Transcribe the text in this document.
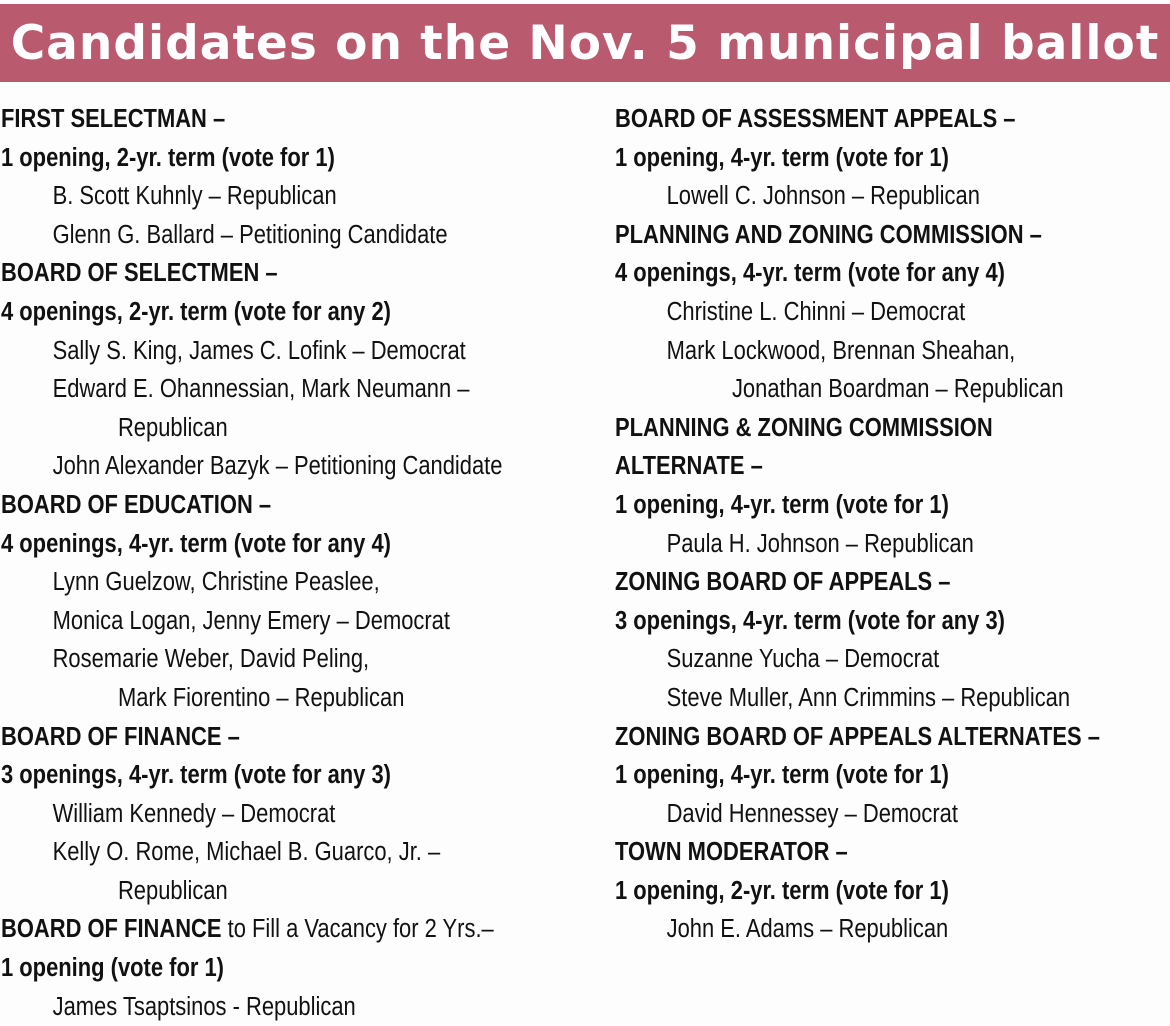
Candidates on the Nov. 5 municipal ballot
FIRST SELECTMAN –
1 opening, 2-yr. term (vote for 1)
B. Scott Kuhnly – Republican
Glenn G. Ballard – Petitioning Candidate
BOARD OF SELECTMEN –
4 openings, 2-yr. term (vote for any 2)
Sally S. King, James C. Lofink – Democrat
Edward E. Ohannessian, Mark Neumann –
Republican
John Alexander Bazyk – Petitioning Candidate
BOARD OF EDUCATION –
4 openings, 4-yr. term (vote for any 4)
Lynn Guelzow, Christine Peaslee,
Monica Logan, Jenny Emery – Democrat
Rosemarie Weber, David Peling,
Mark Fiorentino – Republican
BOARD OF FINANCE –
3 openings, 4-yr. term (vote for any 3)
William Kennedy – Democrat
Kelly O. Rome, Michael B. Guarco, Jr. –
Republican
BOARD OF FINANCE to Fill a Vacancy for 2 Yrs.–
1 opening (vote for 1)
James Tsaptsinos - Republican
BOARD OF ASSESSMENT APPEALS –
1 opening, 4-yr. term (vote for 1)
Lowell C. Johnson – Republican
PLANNING AND ZONING COMMISSION –
4 openings, 4-yr. term (vote for any 4)
Christine L. Chinni – Democrat
Mark Lockwood, Brennan Sheahan,
Jonathan Boardman – Republican
PLANNING & ZONING COMMISSION
ALTERNATE –
1 opening, 4-yr. term (vote for 1)
Paula H. Johnson – Republican
ZONING BOARD OF APPEALS –
3 openings, 4-yr. term (vote for any 3)
Suzanne Yucha – Democrat
Steve Muller, Ann Crimmins – Republican
ZONING BOARD OF APPEALS ALTERNATES –
1 opening, 4-yr. term (vote for 1)
David Hennessey – Democrat
TOWN MODERATOR –
1 opening, 2-yr. term (vote for 1)
John E. Adams – Republican
